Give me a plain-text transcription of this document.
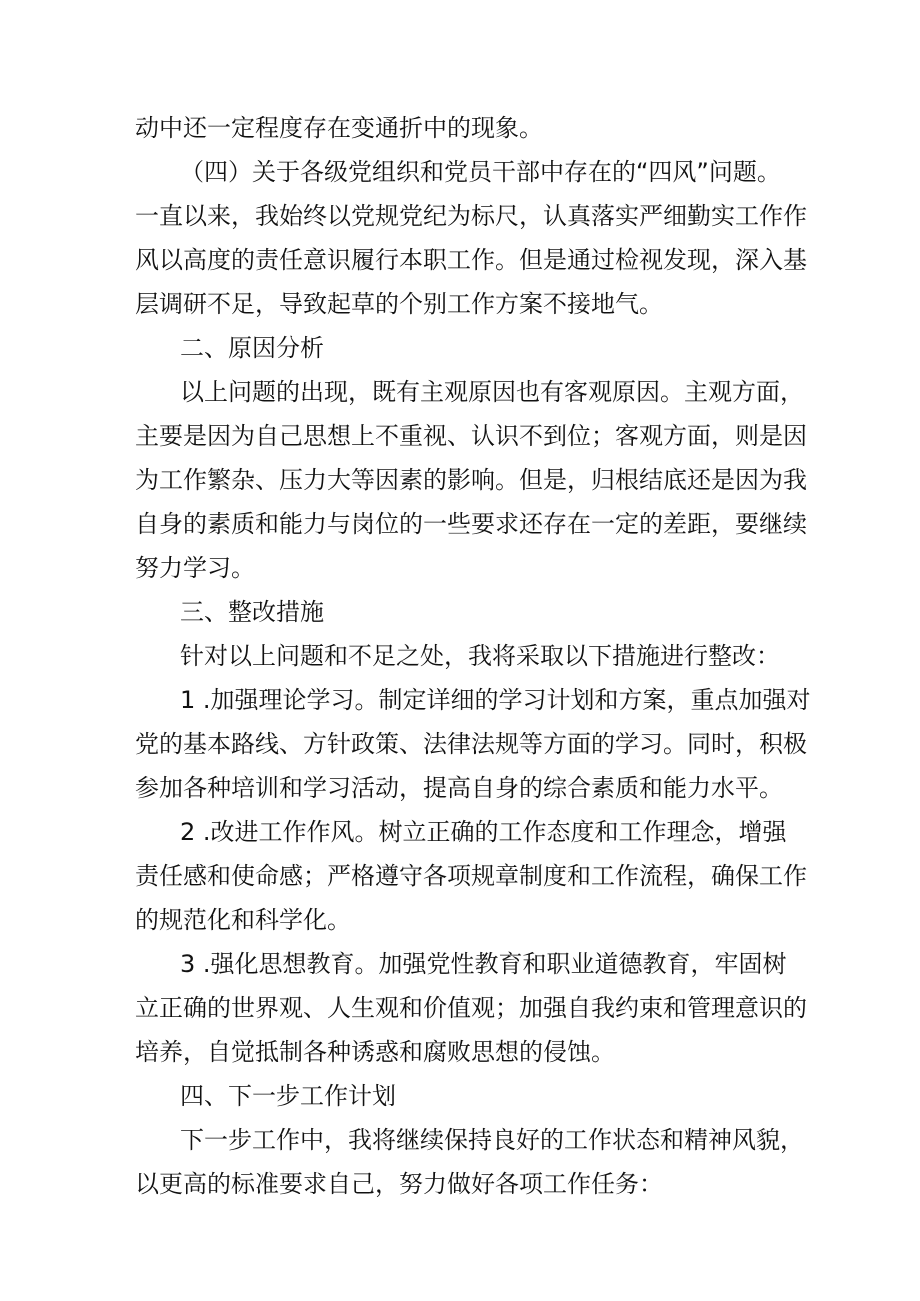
动中还一定程度存在变通折中的现象。
（四）关于各级党组织和党员干部中存在的“四风”问题。
一直以来，我始终以党规党纪为标尺，认真落实严细勤实工作作
风以高度的责任意识履行本职工作。但是通过检视发现，深入基
层调研不足，导致起草的个别工作方案不接地气。
二、原因分析
以上问题的出现，既有主观原因也有客观原因。主观方面，
主要是因为自己思想上不重视、认识不到位；客观方面，则是因
为工作繁杂、压力大等因素的影响。但是，归根结底还是因为我
自身的素质和能力与岗位的一些要求还存在一定的差距，要继续
努力学习。
三、整改措施
针对以上问题和不足之处，我将采取以下措施进行整改：
1 .加强理论学习。制定详细的学习计划和方案，重点加强对
党的基本路线、方针政策、法律法规等方面的学习。同时，积极
参加各种培训和学习活动，提高自身的综合素质和能力水平。
2 .改进工作作风。树立正确的工作态度和工作理念，增强
责任感和使命感；严格遵守各项规章制度和工作流程，确保工作
的规范化和科学化。
3 .强化思想教育。加强党性教育和职业道德教育，牢固树
立正确的世界观、人生观和价值观；加强自我约束和管理意识的
培养，自觉抵制各种诱惑和腐败思想的侵蚀。
四、下一步工作计划
下一步工作中，我将继续保持良好的工作状态和精神风貌，
以更高的标准要求自己，努力做好各项工作任务：
